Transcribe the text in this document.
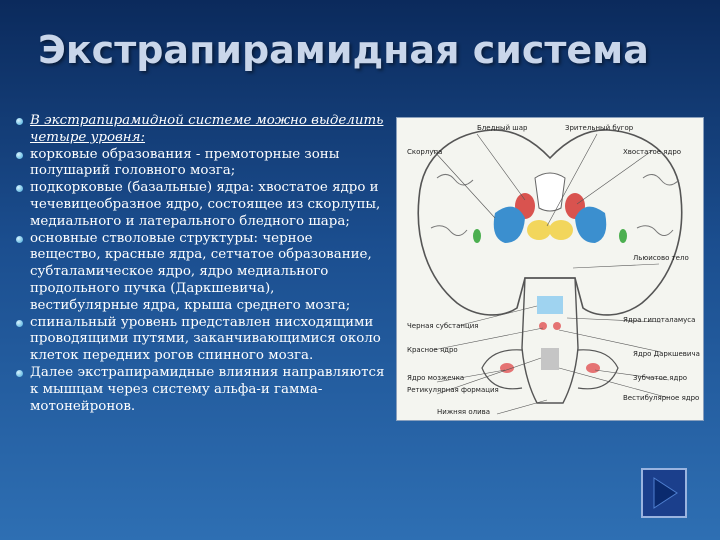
Экстрапирамидная система
В экстрапирамидной системе можно выделить четыре уровня:
корковые образования - премоторные зоны полушарий головного мозга;
подкорковые (базальные) ядра: хвостатое ядро и чечевицеобразное ядро, состоящее из скорлупы, медиального и латерального бледного шара;
основные стволовые структуры: черное вещество, красные ядра, сетчатое образование, субталамическое ядро, ядро медиального продольного пучка (Даркшевича), вестибулярные ядра, крыша среднего мозга;
спинальный уровень представлен нисходящими проводящими путями, заканчивающимися около клеток передних рогов спинного мозга.
Далее экстрапирамидные влияния направляются к мышцам через систему альфа-и гамма-мотонейронов.
Бледный шар	Зрительный бугор
Скорлупа	Хвостатое ядро
Льюисово тело
Черная субстанция
Ядра гипоталамуса
Красное ядро	Ядро Даркшевича
Ядро мозжечка	Зубчатое ядро
Ретикулярная формация
Вестибулярное ядро
Нижняя олива
